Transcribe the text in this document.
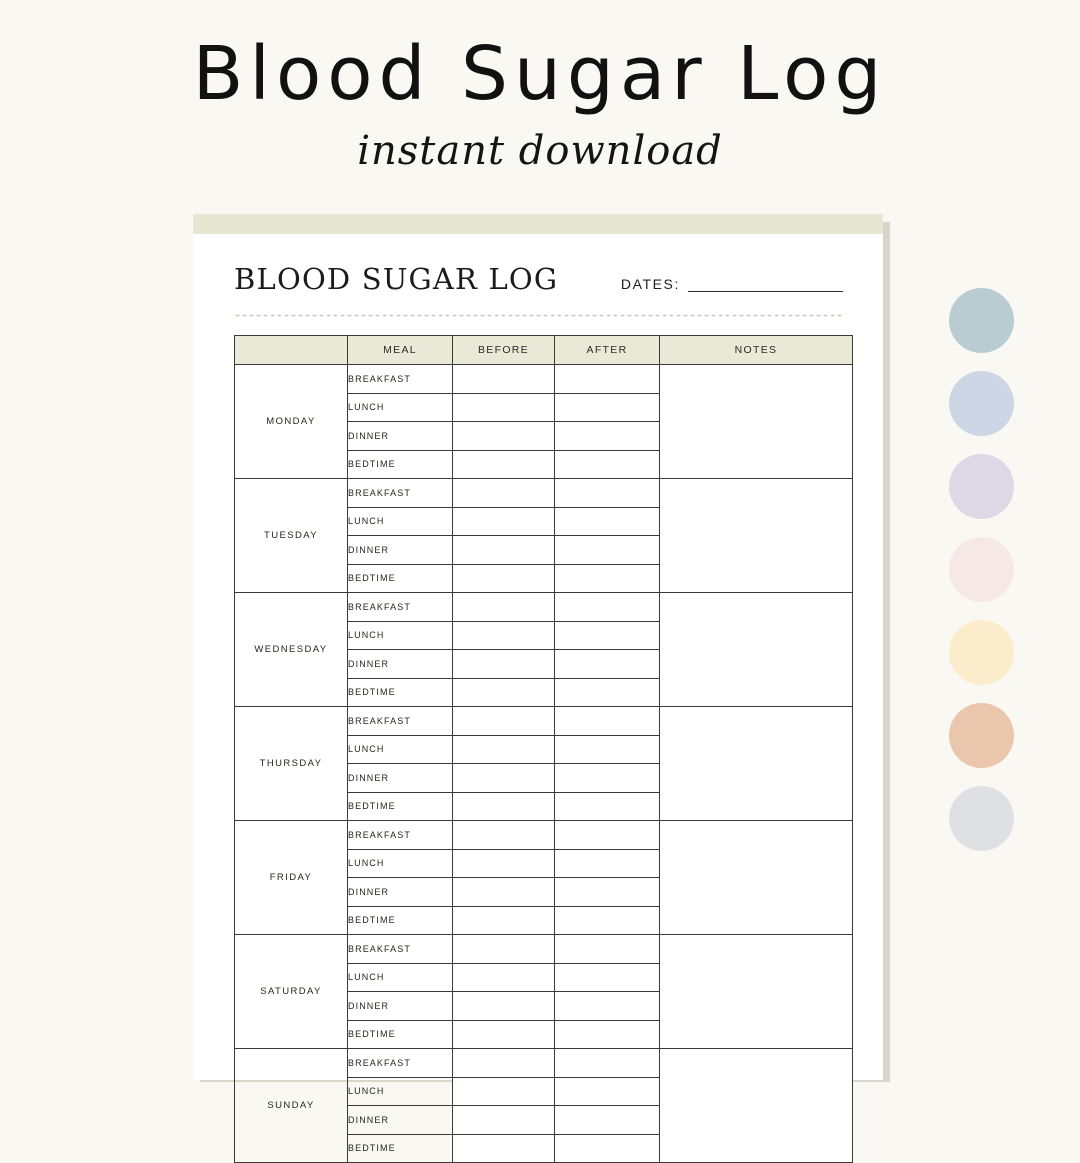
Blood Sugar Log

instant download

BLOOD SUGAR LOG	DATES:
	MEAL	BEFORE	AFTER	NOTES
MONDAY	BREAKFAST			
	LUNCH			
	DINNER			
	BEDTIME			
TUESDAY	BREAKFAST			
	LUNCH			
	DINNER			
	BEDTIME			
WEDNESDAY	BREAKFAST			
	LUNCH			
	DINNER			
	BEDTIME			
THURSDAY	BREAKFAST			
	LUNCH			
	DINNER			
	BEDTIME			
FRIDAY	BREAKFAST			
	LUNCH			
	DINNER			
	BEDTIME			
SATURDAY	BREAKFAST			
	LUNCH			
	DINNER			
	BEDTIME			
SUNDAY	BREAKFAST			
	LUNCH			
	DINNER			
	BEDTIME			
